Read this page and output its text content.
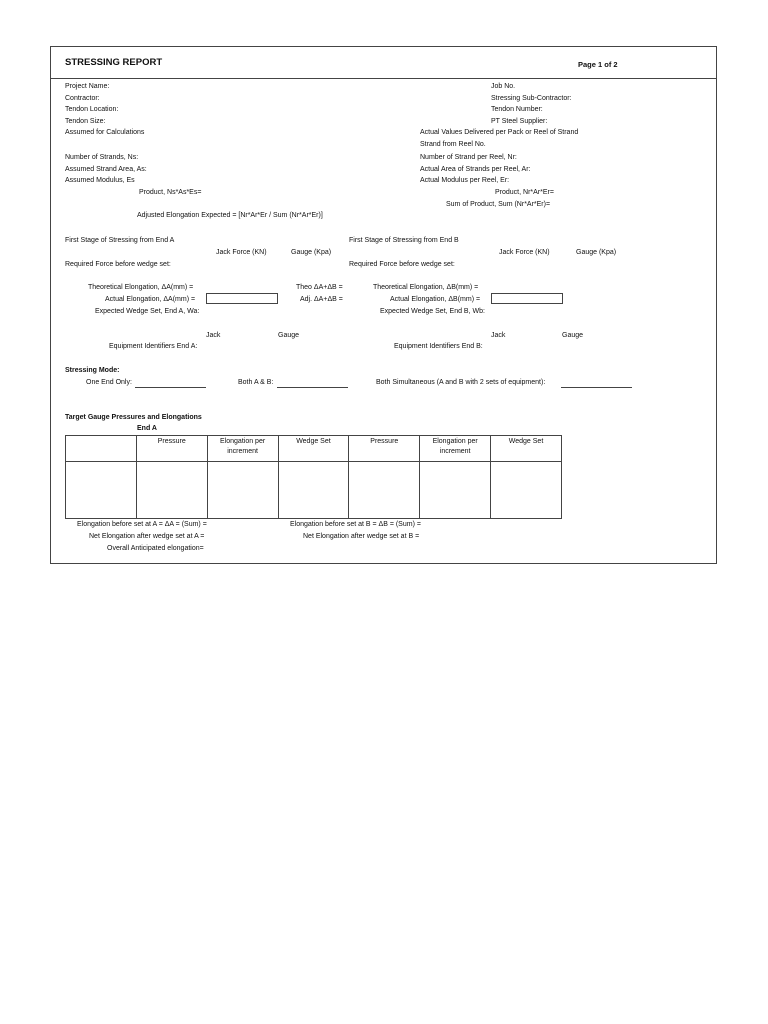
STRESSING REPORT	Page 1 of 2
Project Name:
Contractor:
Tendon Location:
Tendon Size:
Assumed for Calculations
Number of Strands, Ns:
Assumed Strand Area, As:
Assumed Modulus, Es
Product, Ns*As*Es=
Adjusted Elongation Expected = [Nr*Ar*Er / Sum (Nr*Ar*Er)]
Job No.
Stressing Sub-Contractor:
Tendon Number:
PT Steel Supplier:
Actual Values Delivered per Pack or Reel of Strand
Strand from Reel No.
Number of Strand per Reel, Nr:
Actual Area of Strands per Reel, Ar:
Actual Modulus per Reel, Er:
Product, Nr*Ar*Er=
Sum of Product, Sum (Nr*Ar*Er)=
First Stage of Stressing from End A
Jack Force (KN)	Gauge (Kpa)
Required Force before wedge set:
Theoretical Elongation, ΔA(mm) =
Actual Elongation, ΔA(mm) =
Expected Wedge Set, End A, Wa:
Jack	Gauge
Equipment Identifiers End A:
Theo ΔA+ΔB =
Adj. ΔA+ΔB =
First Stage of Stressing from End B
Jack Force (KN)	Gauge (Kpa)
Required Force before wedge set:
Theoretical Elongation, ΔB(mm) =
Actual Elongation, ΔB(mm) =
Expected Wedge Set, End B, Wb:
Jack	Gauge
Equipment Identifiers End B:
Stressing Mode:
One End Only:	Both A & B:	Both Simultaneous (A and B with 2 sets of equipment):
Target Gauge Pressures and Elongations
End A
	Pressure	Elongation per increment	Wedge Set	Pressure	Elongation per increment	Wedge Set

Elongation before set at A = ΔA = (Sum) =
Net Elongation after wedge set at A =
Overall Anticipated elongation=
Elongation before set at B = ΔB = (Sum) =
Net Elongation after wedge set at B =
